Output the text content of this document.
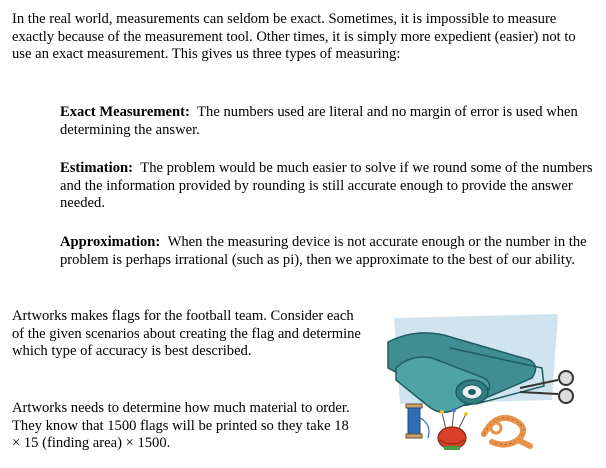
In the real world, measurements can seldom be exact. Sometimes, it is impossible to measure exactly because of the measurement tool. Other times, it is simply more expedient (easier) not to use an exact measurement. This gives us three types of measuring:

Exact Measurement: The numbers used are literal and no margin of error is used when determining the answer.

Estimation: The problem would be much easier to solve if we round some of the numbers and the information provided by rounding is still accurate enough to provide the answer needed.

Approximation: When the measuring device is not accurate enough or the number in the problem is perhaps irrational (such as pi), then we approximate to the best of our ability.

Artworks makes flags for the football team. Consider each of the given scenarios about creating the flag and determine which type of accuracy is best described.

Artworks needs to determine how much material to order. They know that 1500 flags will be printed so they take 18 × 15 (finding area) × 1500.
